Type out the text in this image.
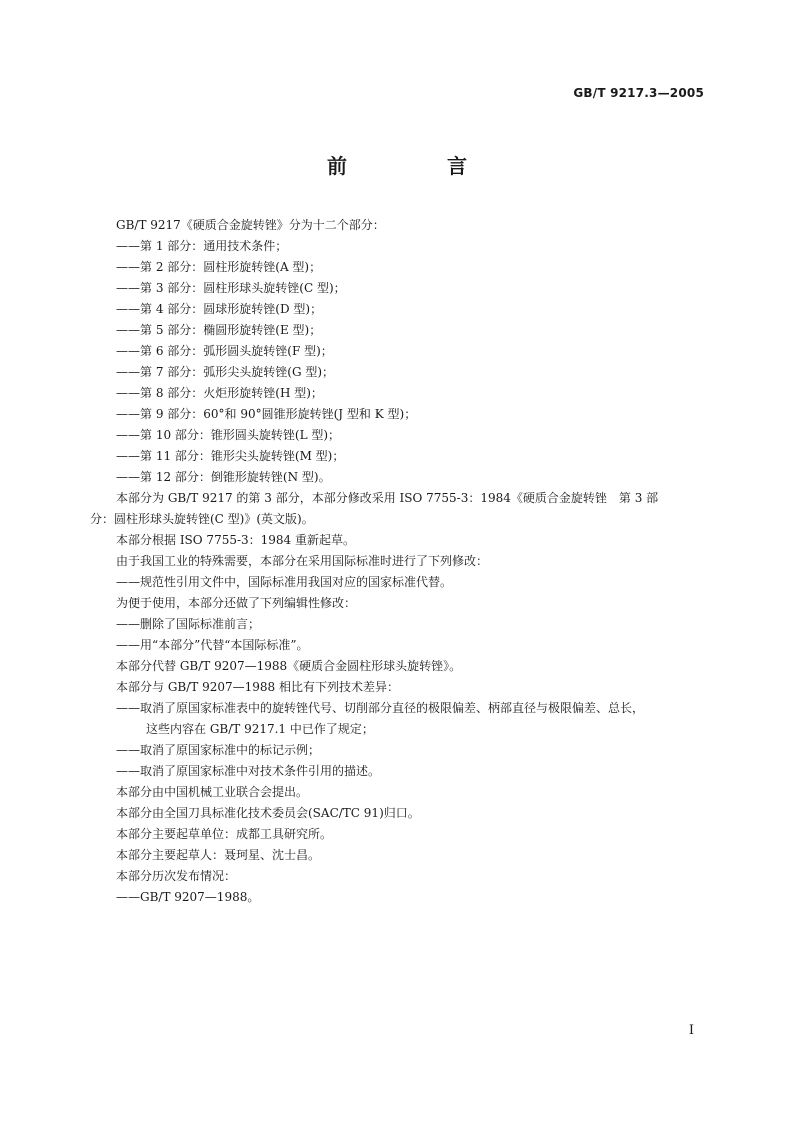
GB/T 9217.3—2005
前　言
GB/T 9217《硬质合金旋转锉》分为十二个部分：
——第 1 部分：通用技术条件；
——第 2 部分：圆柱形旋转锉(A 型)；
——第 3 部分：圆柱形球头旋转锉(C 型)；
——第 4 部分：圆球形旋转锉(D 型)；
——第 5 部分：椭圆形旋转锉(E 型)；
——第 6 部分：弧形圆头旋转锉(F 型)；
——第 7 部分：弧形尖头旋转锉(G 型)；
——第 8 部分：火炬形旋转锉(H 型)；
——第 9 部分：60°和 90°圆锥形旋转锉(J 型和 K 型)；
——第 10 部分：锥形圆头旋转锉(L 型)；
——第 11 部分：锥形尖头旋转锉(M 型)；
——第 12 部分：倒锥形旋转锉(N 型)。
本部分为 GB/T 9217 的第 3 部分，本部分修改采用 ISO 7755-3：1984《硬质合金旋转锉　第 3 部
分：圆柱形球头旋转锉(C 型)》(英文版)。
本部分根据 ISO 7755-3：1984 重新起草。
由于我国工业的特殊需要，本部分在采用国际标准时进行了下列修改：
——规范性引用文件中，国际标准用我国对应的国家标准代替。
为便于使用，本部分还做了下列编辑性修改：
——删除了国际标准前言；
——用“本部分”代替“本国际标准”。
本部分代替 GB/T 9207—1988《硬质合金圆柱形球头旋转锉》。
本部分与 GB/T 9207—1988 相比有下列技术差异：
——取消了原国家标准表中的旋转锉代号、切削部分直径的极限偏差、柄部直径与极限偏差、总长，
这些内容在 GB/T 9217.1 中已作了规定；
——取消了原国家标准中的标记示例；
——取消了原国家标准中对技术条件引用的描述。
本部分由中国机械工业联合会提出。
本部分由全国刀具标准化技术委员会(SAC/TC 91)归口。
本部分主要起草单位：成都工具研究所。
本部分主要起草人：聂珂星、沈士昌。
本部分历次发布情况：
——GB/T 9207—1988。
I
